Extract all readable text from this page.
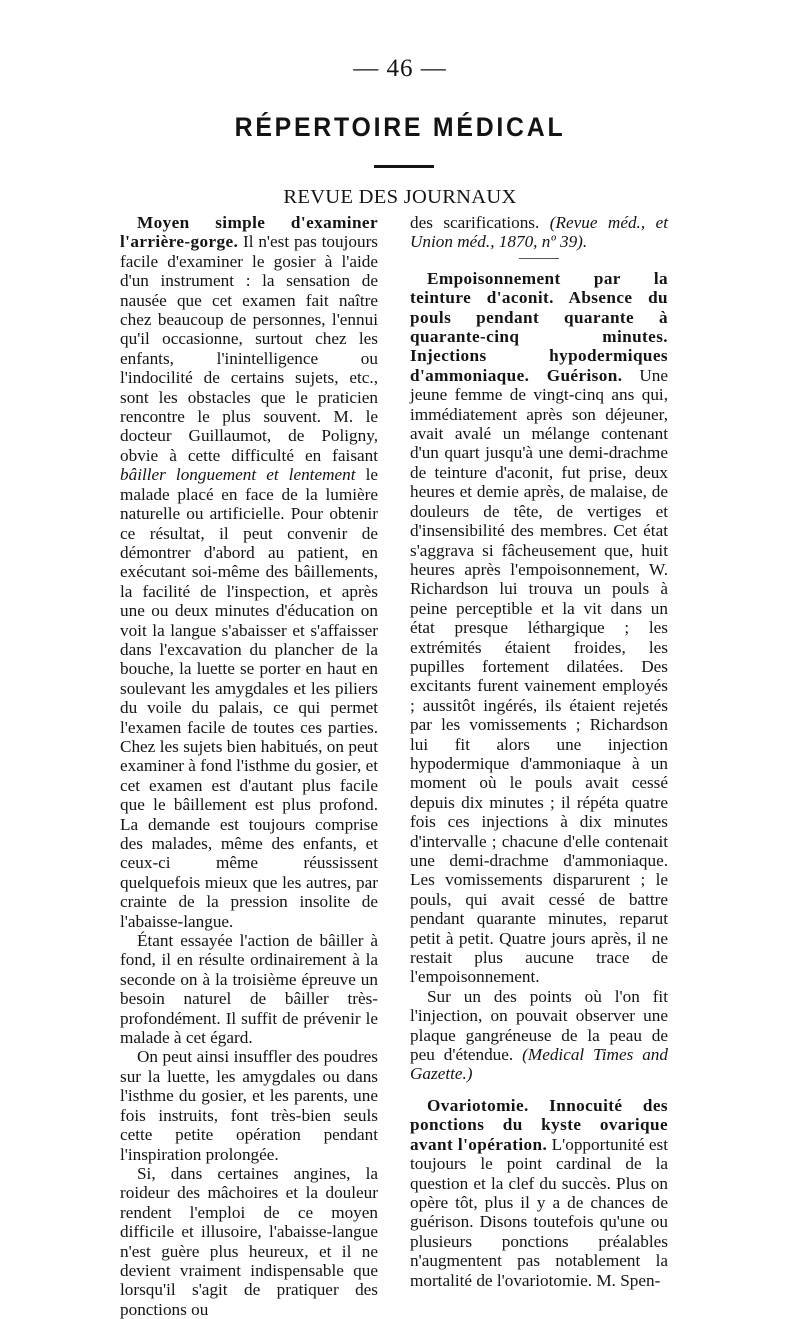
— 46 —
RÉPERTOIRE MÉDICAL
REVUE DES JOURNAUX

Moyen simple d'examiner l'arrière-gorge. Il n'est pas toujours facile d'examiner le gosier à l'aide d'un instrument : la sensation de nausée que cet examen fait naître chez beaucoup de personnes, l'ennui qu'il occasionne, surtout chez les enfants, l'inintelligence ou l'indocilité de certains sujets, etc., sont les obstacles que le praticien rencontre le plus souvent. M. le docteur Guillaumot, de Poligny, obvie à cette difficulté en faisant bâiller longuement et lentement le malade placé en face de la lumière naturelle ou artificielle. Pour obtenir ce résultat, il peut convenir de démontrer d'abord au patient, en exécutant soi-même des bâillements, la facilité de l'inspection, et après une ou deux minutes d'éducation on voit la langue s'abaisser et s'affaisser dans l'excavation du plancher de la bouche, la luette se porter en haut en soulevant les amygdales et les piliers du voile du palais, ce qui permet l'examen facile de toutes ces parties. Chez les sujets bien habitués, on peut examiner à fond l'isthme du gosier, et cet examen est d'autant plus facile que le bâillement est plus profond. La demande est toujours comprise des malades, même des enfants, et ceux-ci même réussissent quelquefois mieux que les autres, par crainte de la pression insolite de l'abaisse-langue.

Étant essayée l'action de bâiller à fond, il en résulte ordinairement à la seconde on à la troisième épreuve un besoin naturel de bâiller très-profondément. Il suffit de prévenir le malade à cet égard.

On peut ainsi insuffler des poudres sur la luette, les amygdales ou dans l'isthme du gosier, et les parents, une fois instruits, font très-bien seuls cette petite opération pendant l'inspiration prolongée.

Si, dans certaines angines, la roideur des mâchoires et la douleur rendent l'emploi de ce moyen difficile et illusoire, l'abaisse-langue n'est guère plus heureux, et il ne devient vraiment indispensable que lorsqu'il s'agit de pratiquer des ponctions ou

des scarifications. (Revue méd., et Union méd., 1870, nº 39).

Empoisonnement par la teinture d'aconit. Absence du pouls pendant quarante à quarante-cinq minutes. Injections hypodermiques d'ammoniaque. Guérison. Une jeune femme de vingt-cinq ans qui, immédiatement après son déjeuner, avait avalé un mélange contenant d'un quart jusqu'à une demi-drachme de teinture d'aconit, fut prise, deux heures et demie après, de malaise, de douleurs de tête, de vertiges et d'insensibilité des membres. Cet état s'aggrava si fâcheusement que, huit heures après l'empoisonnement, W. Richardson lui trouva un pouls à peine perceptible et la vit dans un état presque léthargique ; les extrémités étaient froides, les pupilles fortement dilatées. Des excitants furent vainement employés ; aussitôt ingérés, ils étaient rejetés par les vomissements ; Richardson lui fit alors une injection hypodermique d'ammoniaque à un moment où le pouls avait cessé depuis dix minutes ; il répéta quatre fois ces injections à dix minutes d'intervalle ; chacune d'elle contenait une demi-drachme d'ammoniaque. Les vomissements disparurent ; le pouls, qui avait cessé de battre pendant quarante minutes, reparut petit à petit. Quatre jours après, il ne restait plus aucune trace de l'empoisonnement.

Sur un des points où l'on fit l'injection, on pouvait observer une plaque gangréneuse de la peau de peu d'étendue. (Medical Times and Gazette.)

Ovariotomie. Innocuité des ponctions du kyste ovarique avant l'opération. L'opportunité est toujours le point cardinal de la question et la clef du succès. Plus on opère tôt, plus il y a de chances de guérison. Disons toutefois qu'une ou plusieurs ponctions préalables n'augmentent pas notablement la mortalité de l'ovariotomie. M. Spen-
